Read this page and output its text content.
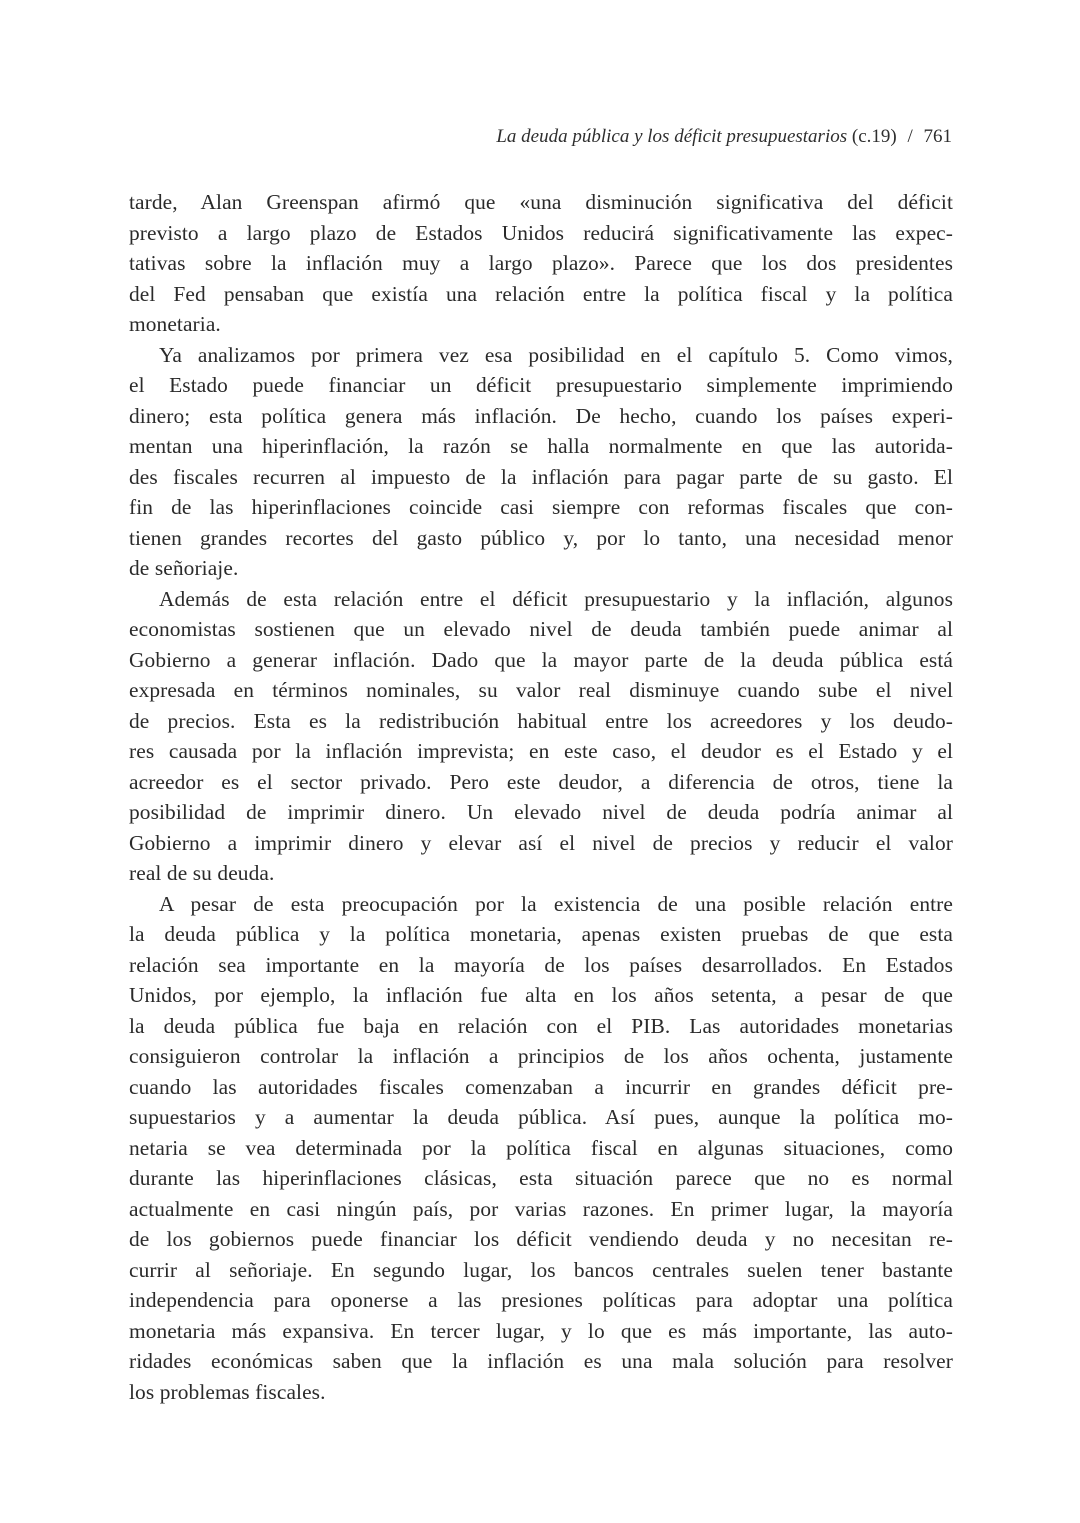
La deuda pública y los déficit presupuestarios (c.19) / 761
tarde, Alan Greenspan afirmó que «una disminución significativa del déficit
previsto a largo plazo de Estados Unidos reducirá significativamente las expec-
tativas sobre la inflación muy a largo plazo». Parece que los dos presidentes
del Fed pensaban que existía una relación entre la política fiscal y la política
monetaria.
Ya analizamos por primera vez esa posibilidad en el capítulo 5. Como vimos,
el Estado puede financiar un déficit presupuestario simplemente imprimiendo
dinero; esta política genera más inflación. De hecho, cuando los países experi-
mentan una hiperinflación, la razón se halla normalmente en que las autorida-
des fiscales recurren al impuesto de la inflación para pagar parte de su gasto. El
fin de las hiperinflaciones coincide casi siempre con reformas fiscales que con-
tienen grandes recortes del gasto público y, por lo tanto, una necesidad menor
de señoriaje.
Además de esta relación entre el déficit presupuestario y la inflación, algunos
economistas sostienen que un elevado nivel de deuda también puede animar al
Gobierno a generar inflación. Dado que la mayor parte de la deuda pública está
expresada en términos nominales, su valor real disminuye cuando sube el nivel
de precios. Esta es la redistribución habitual entre los acreedores y los deudo-
res causada por la inflación imprevista; en este caso, el deudor es el Estado y el
acreedor es el sector privado. Pero este deudor, a diferencia de otros, tiene la
posibilidad de imprimir dinero. Un elevado nivel de deuda podría animar al
Gobierno a imprimir dinero y elevar así el nivel de precios y reducir el valor
real de su deuda.
A pesar de esta preocupación por la existencia de una posible relación entre
la deuda pública y la política monetaria, apenas existen pruebas de que esta
relación sea importante en la mayoría de los países desarrollados. En Estados
Unidos, por ejemplo, la inflación fue alta en los años setenta, a pesar de que
la deuda pública fue baja en relación con el PIB. Las autoridades monetarias
consiguieron controlar la inflación a principios de los años ochenta, justamente
cuando las autoridades fiscales comenzaban a incurrir en grandes déficit pre-
supuestarios y a aumentar la deuda pública. Así pues, aunque la política mo-
netaria se vea determinada por la política fiscal en algunas situaciones, como
durante las hiperinflaciones clásicas, esta situación parece que no es normal
actualmente en casi ningún país, por varias razones. En primer lugar, la mayoría
de los gobiernos puede financiar los déficit vendiendo deuda y no necesitan re-
currir al señoriaje. En segundo lugar, los bancos centrales suelen tener bastante
independencia para oponerse a las presiones políticas para adoptar una política
monetaria más expansiva. En tercer lugar, y lo que es más importante, las auto-
ridades económicas saben que la inflación es una mala solución para resolver
los problemas fiscales.
